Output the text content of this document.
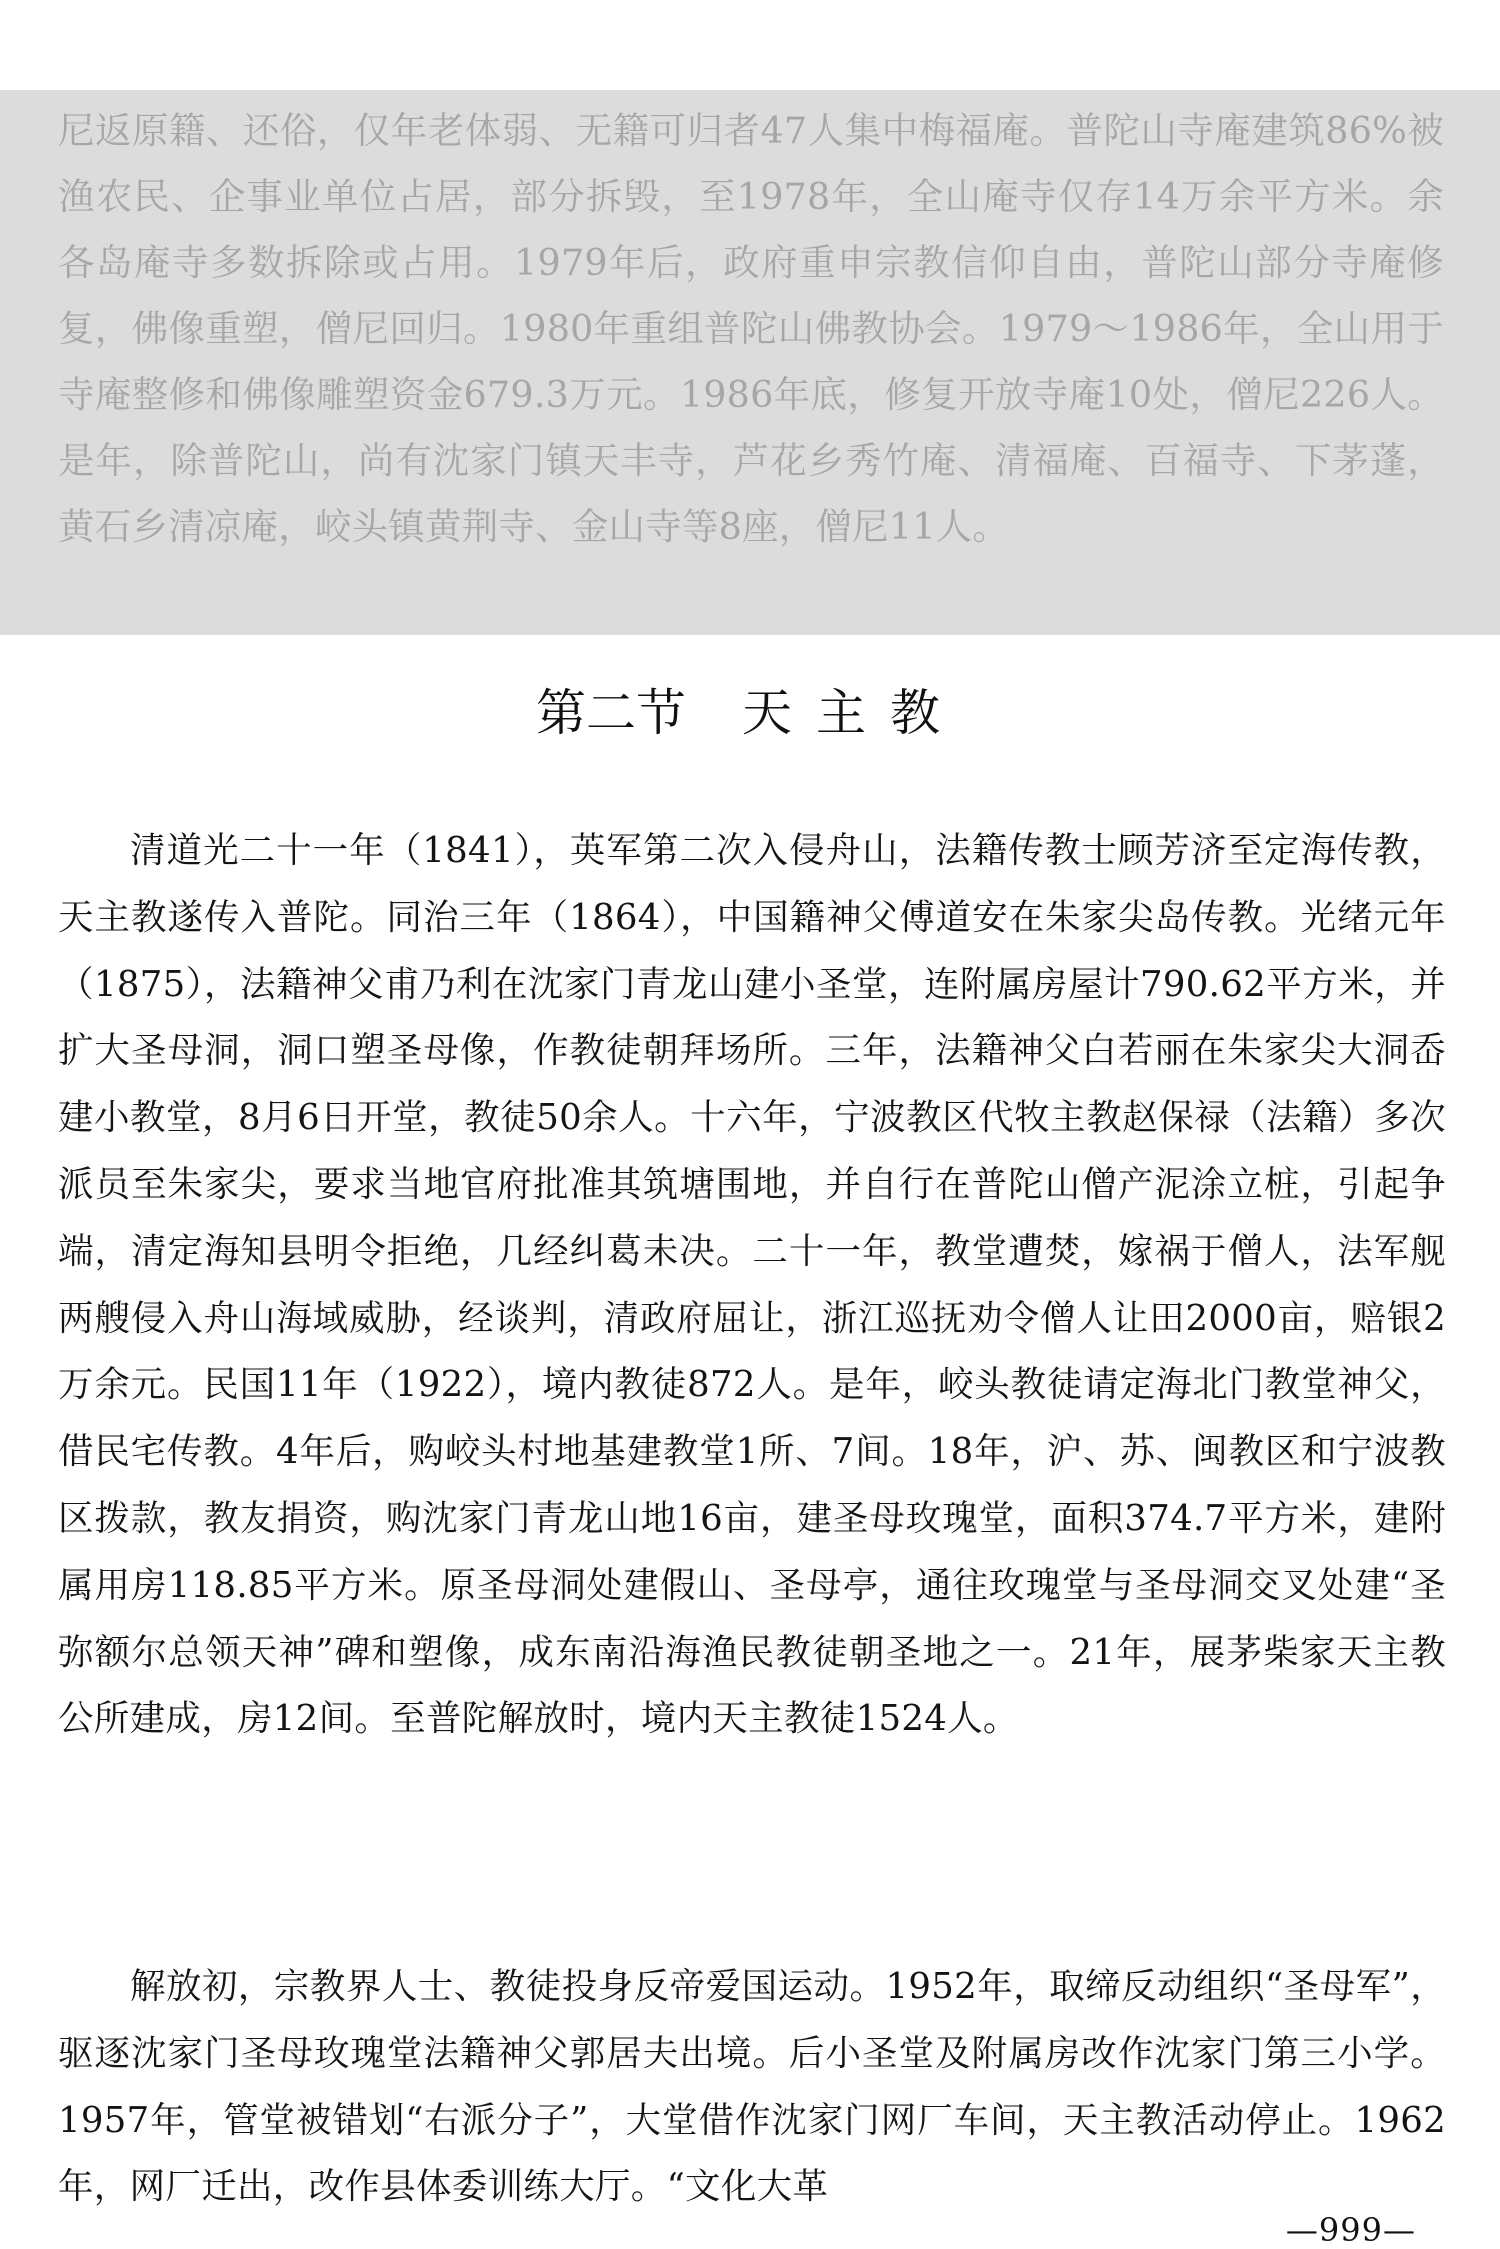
尼返原籍、还俗，仅年老体弱、无籍可归者47人集中梅福庵。普陀山寺庵建筑86%被渔农民、企事业单位占居，部分拆毁，至1978年，全山庵寺仅存14万余平方米。余各岛庵寺多数拆除或占用。1979年后，政府重申宗教信仰自由，普陀山部分寺庵修复，佛像重塑，僧尼回归。1980年重组普陀山佛教协会。1979～1986年，全山用于寺庵整修和佛像雕塑资金679.3万元。1986年底，修复开放寺庵10处，僧尼226人。是年，除普陀山，尚有沈家门镇天丰寺，芦花乡秀竹庵、清福庵、百福寺、下茅蓬，黄石乡清凉庵，峧头镇黄荆寺、金山寺等8座，僧尼11人。

第二节 天主教

清道光二十一年（1841），英军第二次入侵舟山，法籍传教士顾芳济至定海传教，天主教遂传入普陀。同治三年（1864），中国籍神父傅道安在朱家尖岛传教。光绪元年（1875），法籍神父甫乃利在沈家门青龙山建小圣堂，连附属房屋计790.62平方米，并扩大圣母洞，洞口塑圣母像，作教徒朝拜场所。三年，法籍神父白若丽在朱家尖大洞岙建小教堂，8月6日开堂，教徒50余人。十六年，宁波教区代牧主教赵保禄（法籍）多次派员至朱家尖，要求当地官府批准其筑塘围地，并自行在普陀山僧产泥涂立桩，引起争端，清定海知县明令拒绝，几经纠葛未决。二十一年，教堂遭焚，嫁祸于僧人，法军舰两艘侵入舟山海域威胁，经谈判，清政府屈让，浙江巡抚劝令僧人让田2000亩，赔银2万余元。民国11年（1922），境内教徒872人。是年，峧头教徒请定海北门教堂神父，借民宅传教。4年后，购峧头村地基建教堂1所、7间。18年，沪、苏、闽教区和宁波教区拨款，教友捐资，购沈家门青龙山地16亩，建圣母玫瑰堂，面积374.7平方米，建附属用房118.85平方米。原圣母洞处建假山、圣母亭，通往玫瑰堂与圣母洞交叉处建“圣弥额尔总领天神”碑和塑像，成东南沿海渔民教徒朝圣地之一。21年，展茅柴家天主教公所建成，房12间。至普陀解放时，境内天主教徒1524人。

解放初，宗教界人士、教徒投身反帝爱国运动。1952年，取缔反动组织“圣母军”，驱逐沈家门圣母玫瑰堂法籍神父郭居夫出境。后小圣堂及附属房改作沈家门第三小学。1957年，管堂被错划“右派分子”，大堂借作沈家门网厂车间，天主教活动停止。1962年，网厂迁出，改作县体委训练大厅。“文化大革

—999—
